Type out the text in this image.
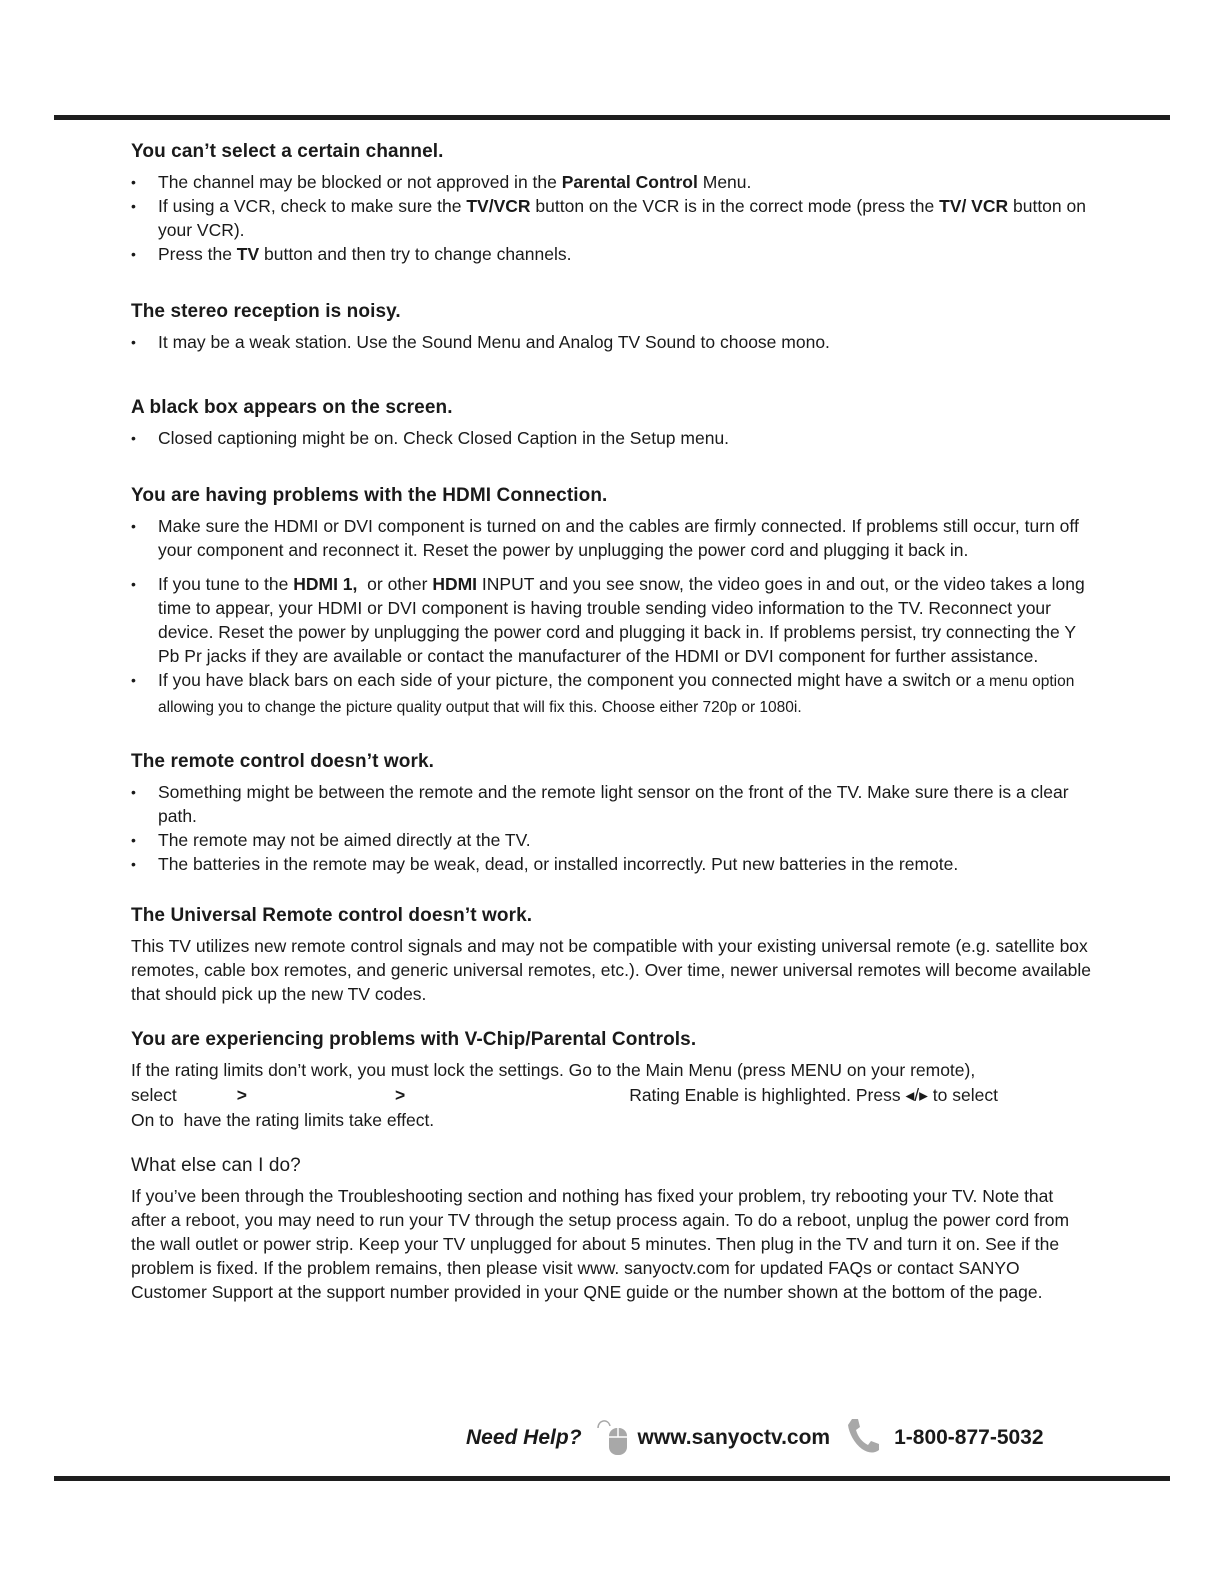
You can’t select a certain channel.
• The channel may be blocked or not approved in the Parental Control Menu.
• If using a VCR, check to make sure the TV/VCR button on the VCR is in the correct mode (press the TV/ VCR button on your VCR).
• Press the TV button and then try to change channels.
The stereo reception is noisy.
• It may be a weak station. Use the Sound Menu and Analog TV Sound to choose mono.
A black box appears on the screen.
• Closed captioning might be on. Check Closed Caption in the Setup menu.
You are having problems with the HDMI Connection.
• Make sure the HDMI or DVI component is turned on and the cables are firmly connected. If problems still occur, turn off your component and reconnect it. Reset the power by unplugging the power cord and plugging it back in.
• If you tune to the HDMI 1,  or other HDMI INPUT and you see snow, the video goes in and out, or the video takes a long time to appear, your HDMI or DVI component is having trouble sending video information to the TV. Reconnect your device. Reset the power by unplugging the power cord and plugging it back in. If problems persist, try connecting the Y Pb Pr jacks if they are available or contact the manufacturer of the HDMI or DVI component for further assistance.
• If you have black bars on each side of your picture, the component you connected might have a switch or a menu option allowing you to change the picture quality output that will fix this. Choose either 720p or 1080i.
The remote control doesn’t work.
• Something might be between the remote and the remote light sensor on the front of the TV. Make sure there is a clear path.
• The remote may not be aimed directly at the TV.
• The batteries in the remote may be weak, dead, or installed incorrectly. Put new batteries in the remote.
The Universal Remote control doesn’t work.

This TV utilizes new remote control signals and may not be compatible with your existing universal remote (e.g. satellite box remotes, cable box remotes, and generic universal remotes, etc.). Over time, newer universal remotes will become available that should pick up the new TV codes.

You are experiencing problems with V-Chip/Parental Controls.

If the rating limits don’t work, you must lock the settings. Go to the Main Menu (press MENU on your remote),

select	>	>	Rating Enable is highlighted. Press ◂/▸ to select

On to  have the rating limits take effect.

What else can I do?

If you’ve been through the Troubleshooting section and nothing has fixed your problem, try rebooting your TV. Note that after a reboot, you may need to run your TV through the setup process again. To do a reboot, unplug the power cord from the wall outlet or power strip. Keep your TV unplugged for about 5 minutes. Then plug in the TV and turn it on. See if the problem is fixed. If the problem remains, then please visit www. sanyoctv.com for updated FAQs or contact SANYO Customer Support at the support number provided in your QNE guide or the number shown at the bottom of the page.

Need Help?	www.sanyoctv.com	1-800-877-5032
